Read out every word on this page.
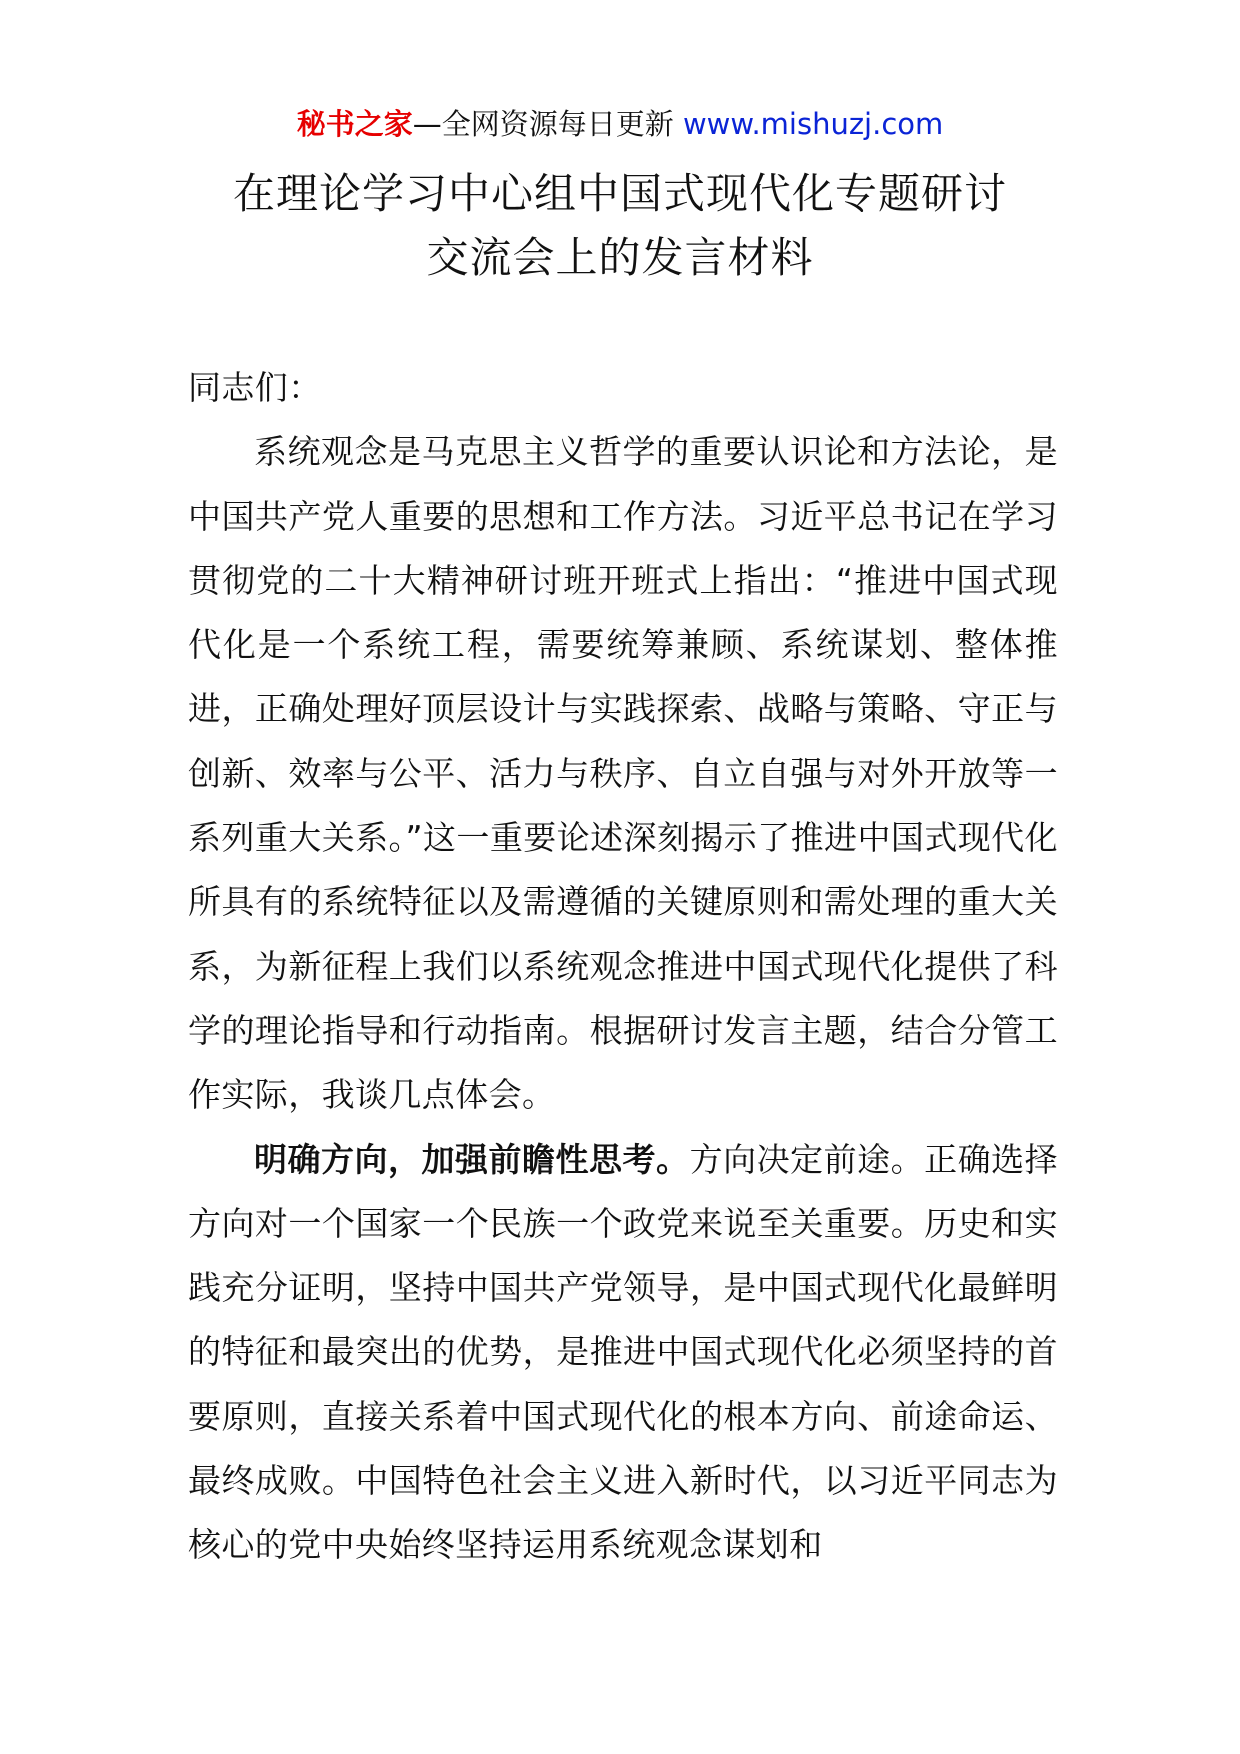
秘书之家—全网资源每日更新 www.mishuzj.com
在理论学习中心组中国式现代化专题研讨
交流会上的发言材料

同志们：

系统观念是马克思主义哲学的重要认识论和方法论，是中国共产党人重要的思想和工作方法。习近平总书记在学习贯彻党的二十大精神研讨班开班式上指出：“推进中国式现代化是一个系统工程，需要统筹兼顾、系统谋划、整体推进，正确处理好顶层设计与实践探索、战略与策略、守正与创新、效率与公平、活力与秩序、自立自强与对外开放等一系列重大关系。”这一重要论述深刻揭示了推进中国式现代化所具有的系统特征以及需遵循的关键原则和需处理的重大关系，为新征程上我们以系统观念推进中国式现代化提供了科学的理论指导和行动指南。根据研讨发言主题，结合分管工作实际，我谈几点体会。

明确方向，加强前瞻性思考。方向决定前途。正确选择方向对一个国家一个民族一个政党来说至关重要。历史和实践充分证明，坚持中国共产党领导，是中国式现代化最鲜明的特征和最突出的优势，是推进中国式现代化必须坚持的首要原则，直接关系着中国式现代化的根本方向、前途命运、最终成败。中国特色社会主义进入新时代，以习近平同志为核心的党中央始终坚持运用系统观念谋划和
